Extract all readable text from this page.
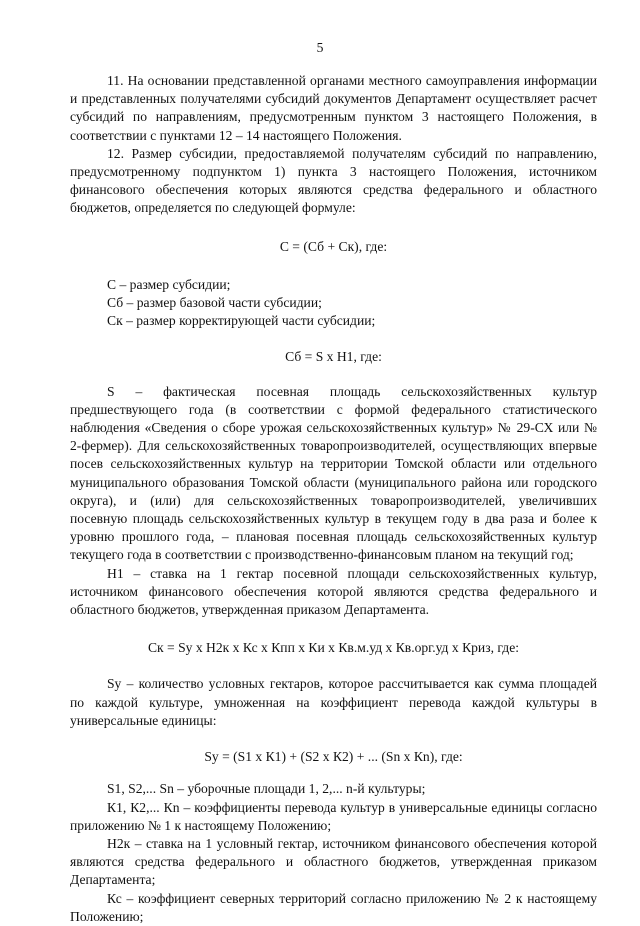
5

11. На основании представленной органами местного самоуправления информации и представленных получателями субсидий документов Департамент осуществляет расчет субсидий по направлениям, предусмотренным пунктом 3 настоящего Положения, в соответствии с пунктами 12 – 14 настоящего Положения.

12. Размер субсидии, предоставляемой получателям субсидий по направлению, предусмотренному подпунктом 1) пункта 3 настоящего Положения, источником финансового обеспечения которых являются средства федерального и областного бюджетов, определяется по следующей формуле:

С = (Сб + Ск), где:

С – размер субсидии;

Сб – размер базовой части субсидии;

Ск – размер корректирующей части субсидии;

Сб = S x Н1, где:

S – фактическая посевная площадь сельскохозяйственных культур предшествующего года (в соответствии с формой федерального статистического наблюдения «Сведения о сборе урожая сельскохозяйственных культур» № 29-СХ или № 2-фермер). Для сельскохозяйственных товаропроизводителей, осуществляющих впервые посев сельскохозяйственных культур на территории Томской области или отдельного муниципального образования Томской области (муниципального района или городского округа), и (или) для сельскохозяйственных товаропроизводителей, увеличивших посевную площадь сельскохозяйственных культур в текущем году в два раза и более к уровню прошлого года, – плановая посевная площадь сельскохозяйственных культур текущего года в соответствии с производственно-финансовым планом на текущий год;

Н1 – ставка на 1 гектар посевной площади сельскохозяйственных культур, источником финансового обеспечения которой являются средства федерального и областного бюджетов, утвержденная приказом Департамента.

Ск = Sу x Н2к x Кс x Кпп x Ки x Кв.м.уд x Кв.орг.уд x Криз, где:

Sу – количество условных гектаров, которое рассчитывается как сумма площадей по каждой культуре, умноженная на коэффициент перевода каждой культуры в универсальные единицы:

Sу = (S1 x К1) + (S2 x К2) + ... (Sn x Кn), где:

S1, S2,... Sn – уборочные площади 1, 2,... n-й культуры;

К1, К2,... Кn – коэффициенты перевода культур в универсальные единицы согласно приложению № 1 к настоящему Положению;

Н2к – ставка на 1 условный гектар, источником финансового обеспечения которой являются средства федерального и областного бюджетов, утвержденная приказом Департамента;

Кс – коэффициент северных территорий согласно приложению № 2 к настоящему Положению;
